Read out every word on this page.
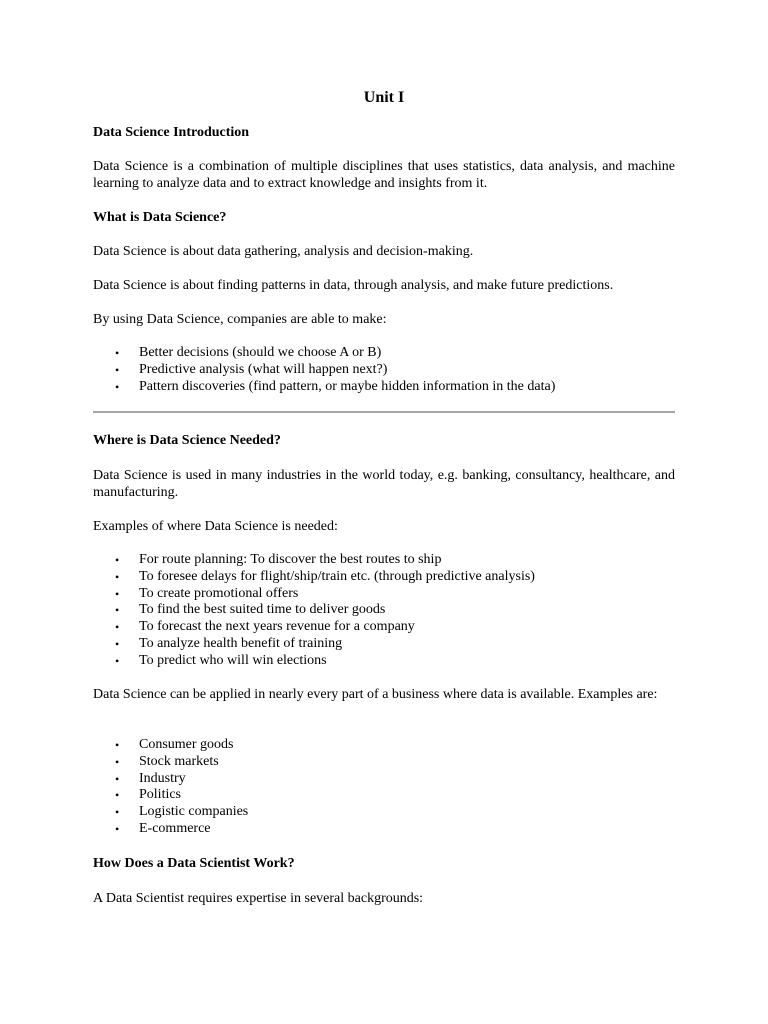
Unit I
Data Science Introduction

Data Science is a combination of multiple disciplines that uses statistics, data analysis, and machine learning to analyze data and to extract knowledge and insights from it.

What is Data Science?

Data Science is about data gathering, analysis and decision-making.

Data Science is about finding patterns in data, through analysis, and make future predictions.

By using Data Science, companies are able to make:

• Better decisions (should we choose A or B)
• Predictive analysis (what will happen next?)
• Pattern discoveries (find pattern, or maybe hidden information in the data)
Where is Data Science Needed?

Data Science is used in many industries in the world today, e.g. banking, consultancy, healthcare, and manufacturing.

Examples of where Data Science is needed:

• For route planning: To discover the best routes to ship
• To foresee delays for flight/ship/train etc. (through predictive analysis)
• To create promotional offers
• To find the best suited time to deliver goods
• To forecast the next years revenue for a company
• To analyze health benefit of training
• To predict who will win elections

Data Science can be applied in nearly every part of a business where data is available. Examples are:

• Consumer goods
• Stock markets
• Industry
• Politics
• Logistic companies
• E-commerce
How Does a Data Scientist Work?

A Data Scientist requires expertise in several backgrounds:
